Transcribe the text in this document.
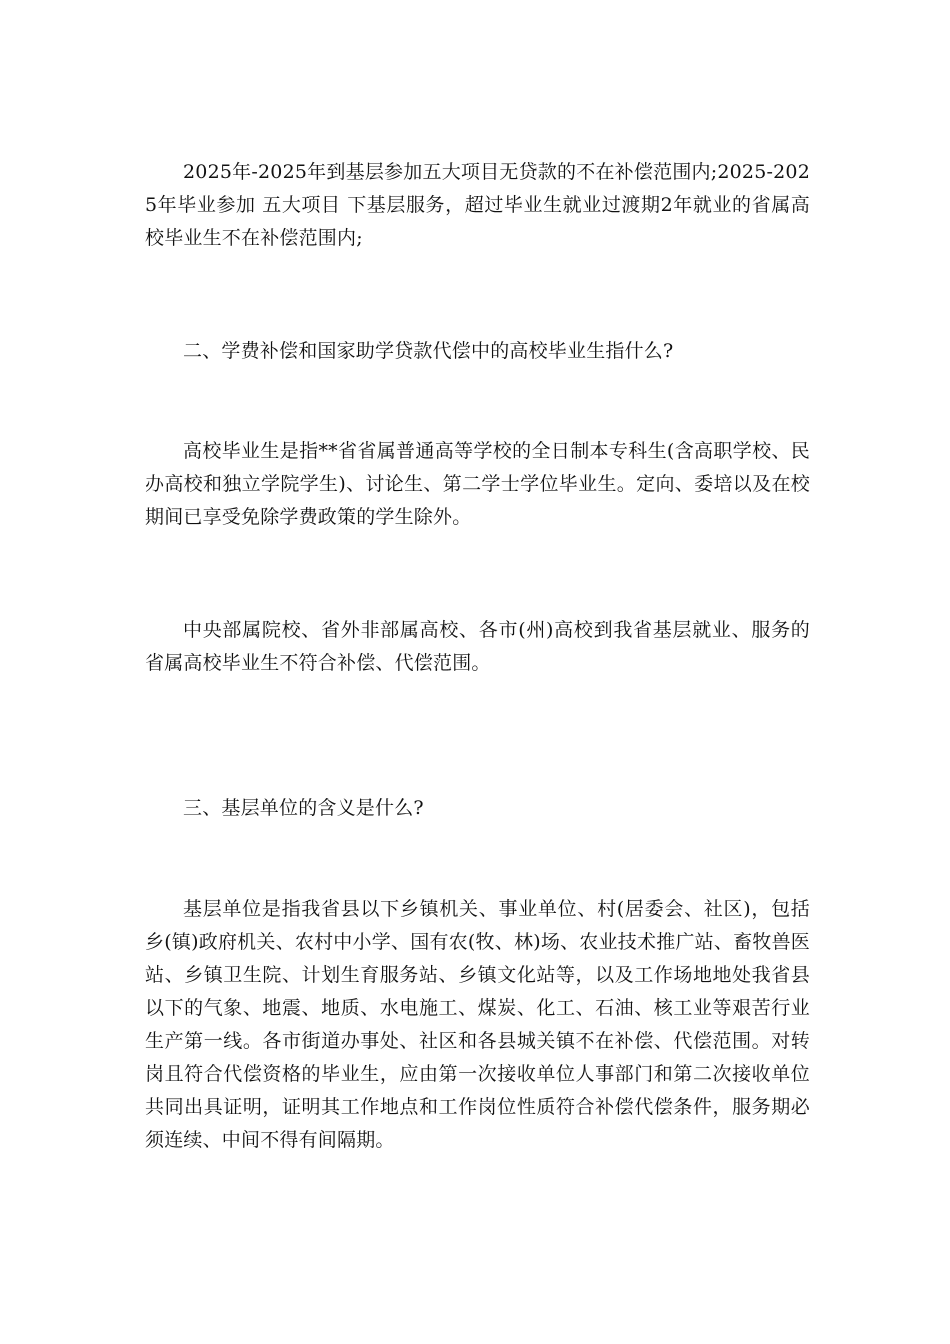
2025年-2025年到基层参加五大项目无贷款的不在补偿范围内;2025-2025年毕业参加 五大项目 下基层服务，超过毕业生就业过渡期2年就业的省属高校毕业生不在补偿范围内;

二、学费补偿和国家助学贷款代偿中的高校毕业生指什么?

高校毕业生是指**省省属普通高等学校的全日制本专科生(含高职学校、民办高校和独立学院学生)、讨论生、第二学士学位毕业生。定向、委培以及在校期间已享受免除学费政策的学生除外。

中央部属院校、省外非部属高校、各市(州)高校到我省基层就业、服务的省属高校毕业生不符合补偿、代偿范围。

三、基层单位的含义是什么?

基层单位是指我省县以下乡镇机关、事业单位、村(居委会、社区)，包括乡(镇)政府机关、农村中小学、国有农(牧、林)场、农业技术推广站、畜牧兽医站、乡镇卫生院、计划生育服务站、乡镇文化站等，以及工作场地地处我省县以下的气象、地震、地质、水电施工、煤炭、化工、石油、核工业等艰苦行业生产第一线。各市街道办事处、社区和各县城关镇不在补偿、代偿范围。对转岗且符合代偿资格的毕业生，应由第一次接收单位人事部门和第二次接收单位共同出具证明，证明其工作地点和工作岗位性质符合补偿代偿条件，服务期必须连续、中间不得有间隔期。
